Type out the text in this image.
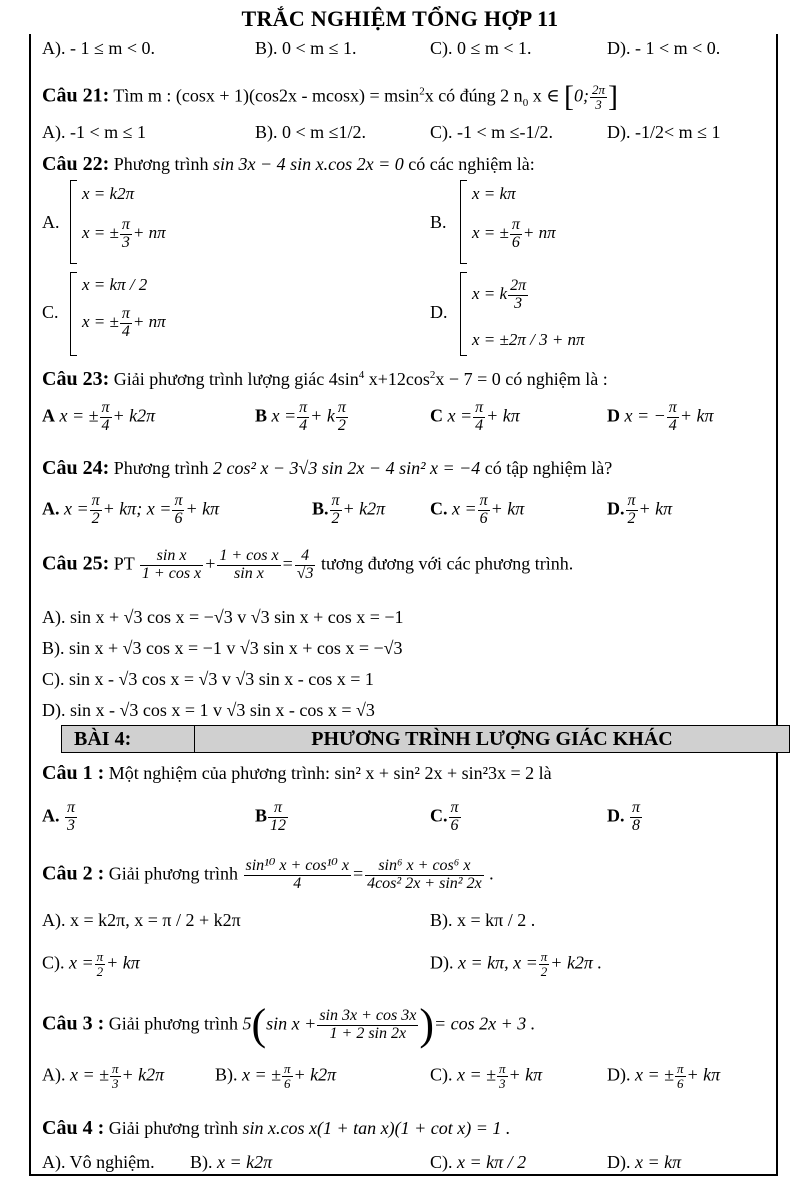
TRẮC NGHIỆM TỔNG HỢP 11
A). - 1 ≤ m < 0.	B). 0 < m ≤ 1.	C). 0 ≤ m < 1.	D). - 1 < m < 0.
Câu 21: Tìm m : (cosx + 1)(cos2x - mcosx) = msin$^2$x có đúng 2 $n_0$ x ∈ [0; $\frac{2\pi}{3}$ ]
A). -1 < m ≤ 1	B). 0 < m ≤1/2.	C). -1 < m ≤-1/2.	D). -1/2< m ≤ 1
Câu 22: Phương trình sin 3x − 4 sin x.cos 2x = 0 có các nghiệm là:
A.
x = k2π
x = ± $\frac{\pi}{3} + n\pi$
B.
x = kπ
x = ± $\frac{\pi}{6} + n\pi$
C.
x = kπ / 2
x = ± $\frac{\pi}{4} + n\pi$	D.
x = k $\frac{2\pi}{3}$
x = ±2π / 3 + nπ
Câu 23: Giải phương trình lượng giác $4\sin^4$ $x+12\cos^2x - 7 = 0$ có nghiệm là :
A x = ± $\frac{\pi}{4} + k2\pi$	B $x = \frac{\pi}{4} + k \frac{\pi}{2}$	C $x = \frac{\pi}{4} + k\pi$	D x = − $\frac{\pi}{4} + k\pi$
Câu 24: Phương trình 2 cos² x − 3√3 sin 2x − 4 sin² x = −4 có tập nghiệm là?
A. $x = \frac{\pi}{2} + k\pi$; $x = \frac{\pi}{6} + k\pi$	B. $\frac{\pi}{2} + k2\pi$ C. $x = \frac{\pi}{6} + k\pi$	D. $\frac{\pi}{2} + k\pi$
Câu 25: PT $\frac{\text{sin x}}{\text{1 + cos x}} + \frac{\text{1 + cos x}}{\text{sin x}} = \frac{4}{√3}$ tương đương với các phương trình.
A). sin x + √3 cos x = −√3 v √3 sin x + cos x = −1
B). sin x + √3 cos x = −1 v √3 sin x + cos x = −√3
C). sin x - √3 cos x = √3 v √3 sin x - cos x = 1
D). sin x - √3 cos x = 1 v √3 sin x - cos x = √3
BÀI 4:	PHƯƠNG TRÌNH LƯỢNG GIÁC KHÁC
Câu 1 : Một nghiệm của phương trình: sin² x + sin² 2x + sin²3x = 2 là
A. $\frac{\pi}{3}$	B $\frac{\pi}{12}$	C. $\frac{\pi}{6}$	D. $\frac{\pi}{8}$
Câu 2 : Giải phương trình $\frac{\text{sin¹⁰ x + cos¹⁰ x}}{4} = \frac{\text{sin⁶ x + cos⁶ x}}{\text{4cos² 2x + sin² 2x}}$ .
A). x = k2π, x = π / 2 + k2π	B). x = kπ / 2 .
C). $x = \frac{\pi}{2} + k\pi$	D). x = kπ, $x = \frac{\pi}{2} + k2\pi$ .
Câu 3 : Giải phương trình 5(sin $x + \frac{\sin 3x + \cos 3x}{1 + 2 \sin 2x}$ )= cos 2x + 3 .
A). x = ± $\frac{\pi}{3} + k2\pi$	B). x = ± $\frac{\pi}{6} + k2\pi$	C). x = ± $\frac{\pi}{3} + k\pi$	D). x = ± $\frac{\pi}{6} + k\pi$
Câu 4 : Giải phương trình sin x.cos x(1 + tan x)(1 + cot x) = 1 .
A). Vô nghiệm. B). x = k2π	C). x = kπ / 2	D). x = kπ
